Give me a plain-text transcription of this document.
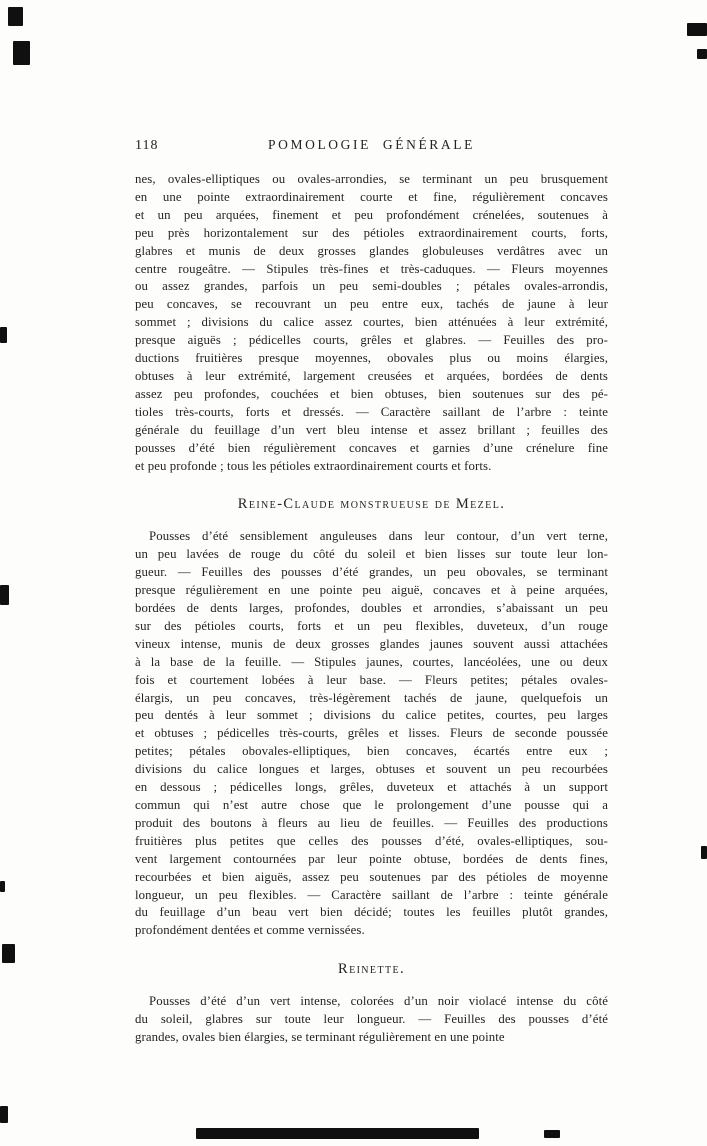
118	POMOLOGIE GÉNÉRALE
nes, ovales-elliptiques ou ovales-arrondies, se terminant un peu brusquement
en une pointe extraordinairement courte et fine, régulièrement concaves
et un peu arquées, finement et peu profondément crénelées, soutenues à
peu près horizontalement sur des pétioles extraordinairement courts, forts,
glabres et munis de deux grosses glandes globuleuses verdâtres avec un
centre rougeâtre. — Stipules très-fines et très-caduques. — Fleurs moyennes
ou assez grandes, parfois un peu semi-doubles ; pétales ovales-arrondis,
peu concaves, se recouvrant un peu entre eux, tachés de jaune à leur
sommet ; divisions du calice assez courtes, bien atténuées à leur extrémité,
presque aiguës ; pédicelles courts, grêles et glabres. — Feuilles des pro-
ductions fruitières presque moyennes, obovales plus ou moins élargies,
obtuses à leur extrémité, largement creusées et arquées, bordées de dents
assez peu profondes, couchées et bien obtuses, bien soutenues sur des pé-
tioles très-courts, forts et dressés. — Caractère saillant de l’arbre : teinte
générale du feuillage d’un vert bleu intense et assez brillant ; feuilles des
pousses d’été bien régulièrement concaves et garnies d’une crénelure fine
et peu profonde ; tous les pétioles extraordinairement courts et forts.
Reine-Claude monstrueuse de Mezel.
Pousses d’été sensiblement anguleuses dans leur contour, d’un vert terne,
un peu lavées de rouge du côté du soleil et bien lisses sur toute leur lon-
gueur. — Feuilles des pousses d’été grandes, un peu obovales, se terminant
presque régulièrement en une pointe peu aiguë, concaves et à peine arquées,
bordées de dents larges, profondes, doubles et arrondies, s’abaissant un peu
sur des pétioles courts, forts et un peu flexibles, duveteux, d’un rouge
vineux intense, munis de deux grosses glandes jaunes souvent aussi attachées
à la base de la feuille. — Stipules jaunes, courtes, lancéolées, une ou deux
fois et courtement lobées à leur base. — Fleurs petites; pétales ovales-
élargis, un peu concaves, très-légèrement tachés de jaune, quelquefois un
peu dentés à leur sommet ; divisions du calice petites, courtes, peu larges
et obtuses ; pédicelles très-courts, grêles et lisses. Fleurs de seconde poussée
petites; pétales obovales-elliptiques, bien concaves, écartés entre eux ;
divisions du calice longues et larges, obtuses et souvent un peu recourbées
en dessous ; pédicelles longs, grêles, duveteux et attachés à un support
commun qui n’est autre chose que le prolongement d’une pousse qui a
produit des boutons à fleurs au lieu de feuilles. — Feuilles des productions
fruitières plus petites que celles des pousses d’été, ovales-elliptiques, sou-
vent largement contournées par leur pointe obtuse, bordées de dents fines,
recourbées et bien aiguës, assez peu soutenues par des pétioles de moyenne
longueur, un peu flexibles. — Caractère saillant de l’arbre : teinte générale
du feuillage d’un beau vert bien décidé; toutes les feuilles plutôt grandes,
profondément dentées et comme vernissées.
Reinette.
Pousses d’été d’un vert intense, colorées d’un noir violacé intense du côté
du soleil, glabres sur toute leur longueur. — Feuilles des pousses d’été
grandes, ovales bien élargies, se terminant régulièrement en une pointe
